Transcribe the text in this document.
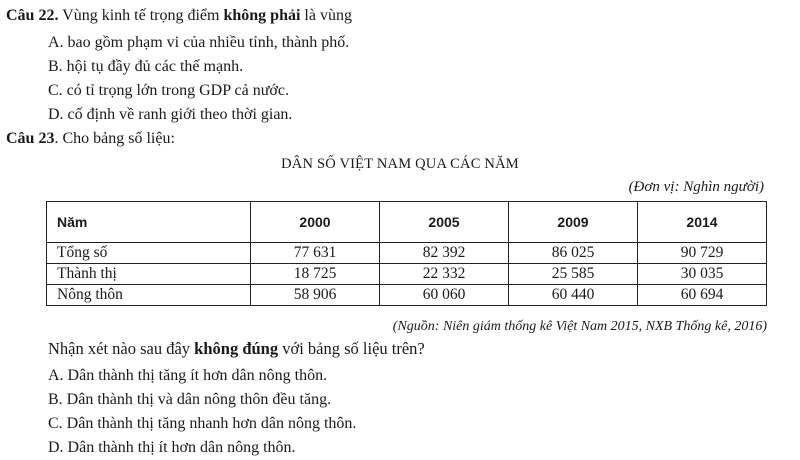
Câu 22. Vùng kinh tế trọng điểm không phải là vùng
A. bao gồm phạm vi của nhiều tỉnh, thành phố.
B. hội tụ đầy đủ các thế mạnh.
C. có tỉ trọng lớn trong GDP cả nước.
D. cố định về ranh giới theo thời gian.
Câu 23. Cho bảng số liệu:
DÂN SỐ VIỆT NAM QUA CÁC NĂM
(Đơn vị: Nghìn người)
Năm	2000	2005	2009	2014
Tổng số	77 631	82 392	86 025	90 729
Thành thị	18 725	22 332	25 585	30 035
Nông thôn	58 906	60 060	60 440	60 694
(Nguồn: Niên giám thống kê Việt Nam 2015, NXB Thống kê, 2016)
Nhận xét nào sau đây không đúng với bảng số liệu trên?
A. Dân thành thị tăng ít hơn dân nông thôn.
B. Dân thành thị và dân nông thôn đều tăng.
C. Dân thành thị tăng nhanh hơn dân nông thôn.
D. Dân thành thị ít hơn dân nông thôn.
